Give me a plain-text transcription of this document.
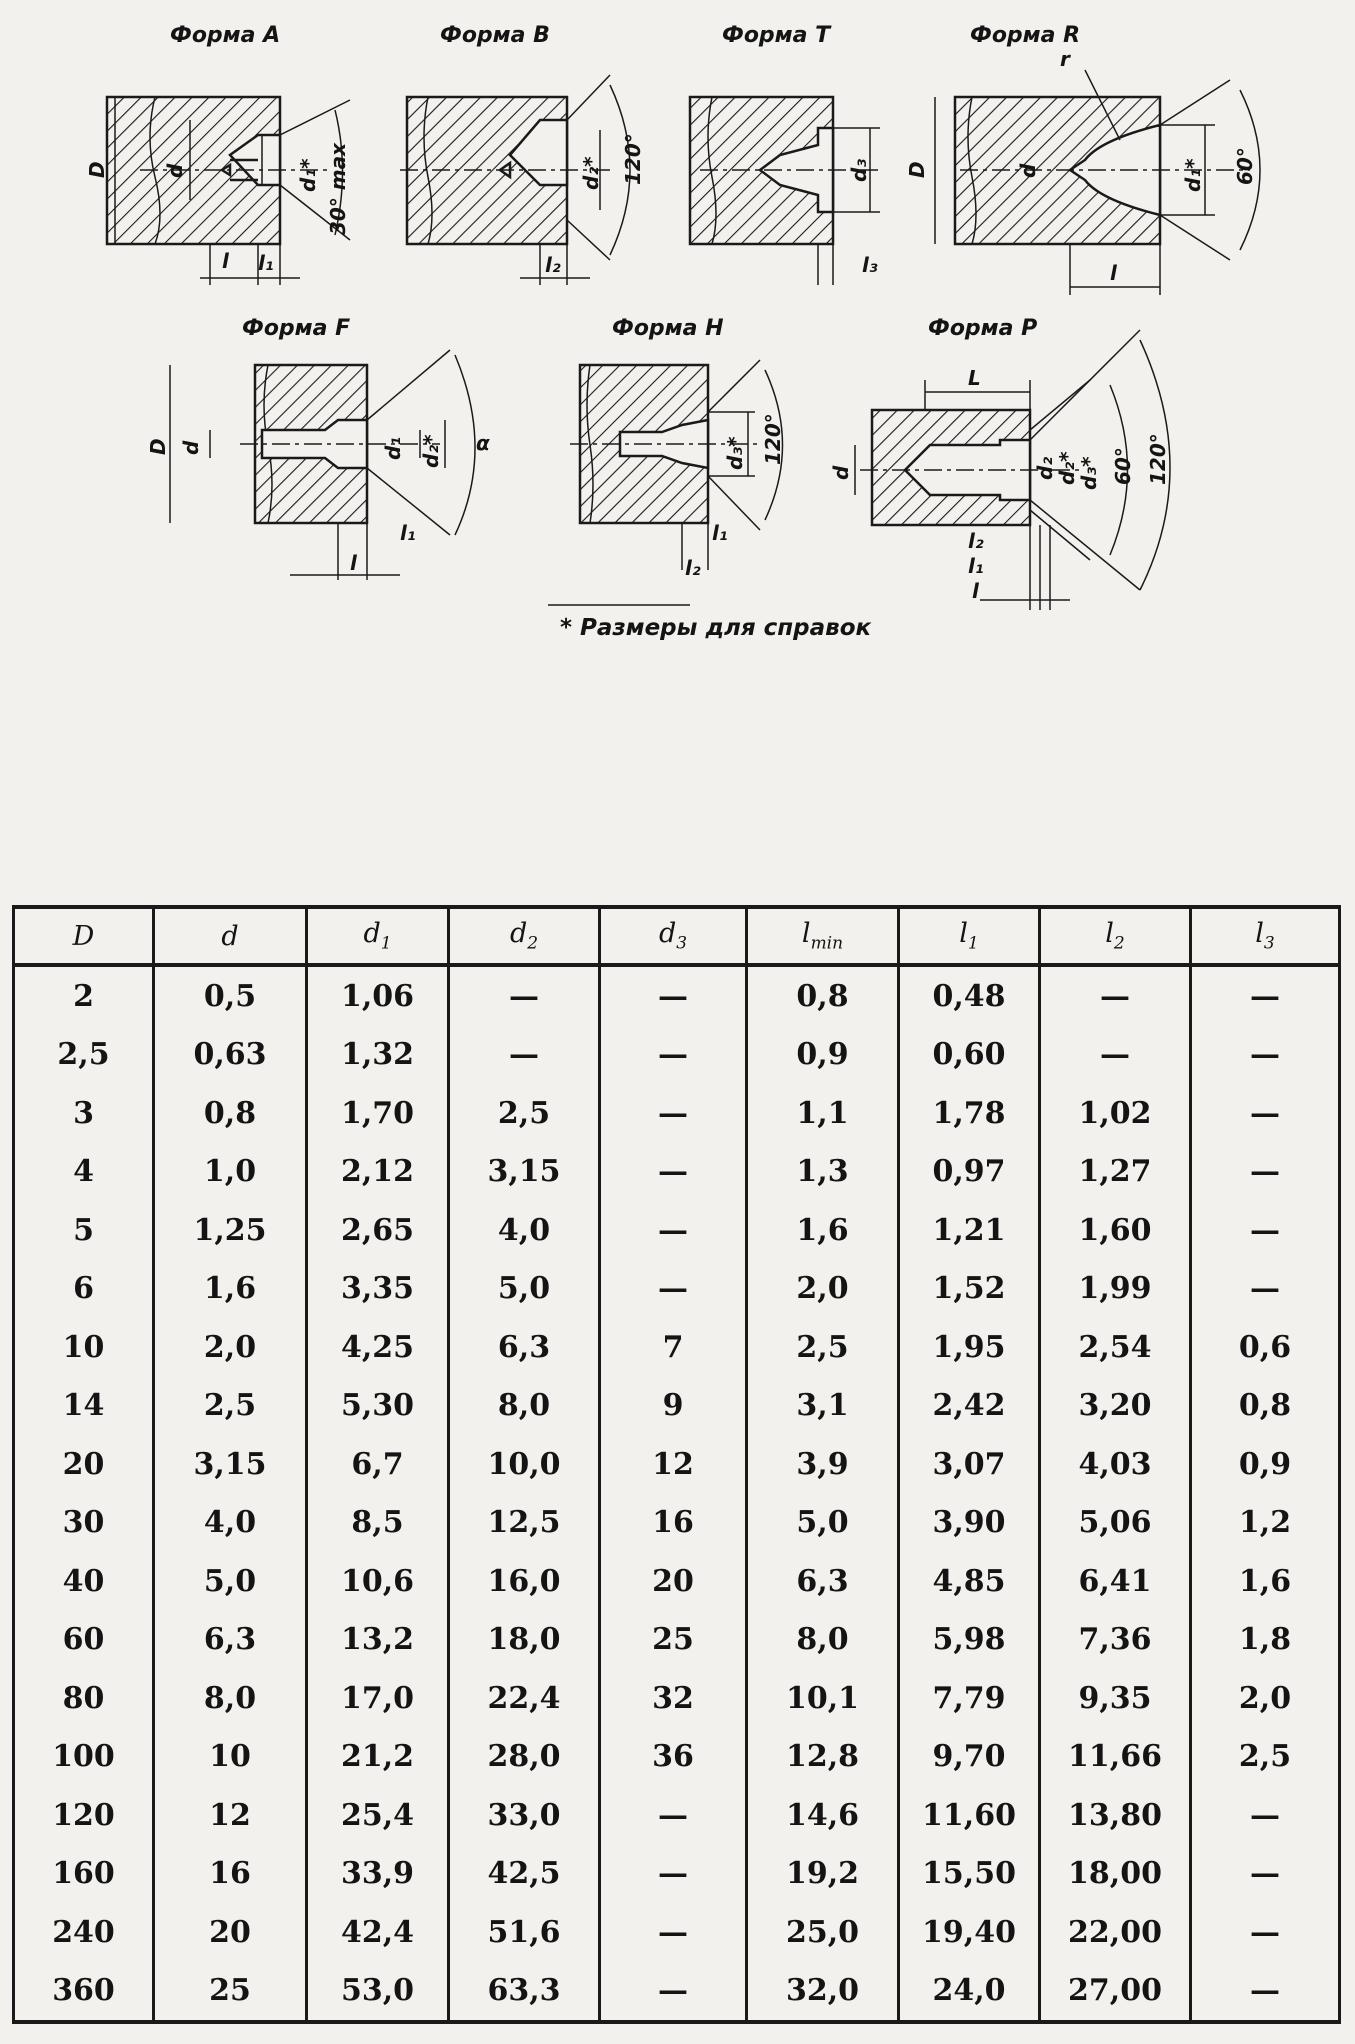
Форма А	Форма В	Форма Т	Форма R
Форма F	Форма Н	Форма Р
D	d	d₁* 30° max
l l₁
d₂* 120°
l₂
d₃
l₃
D	d	d₁* 60°
r
l
D d	d₁ d₂* α
l₁
l
d₃* 120°
l₁
l₂
L
d	d₂
d₂*
d₃* 60° 120°
l₂
l₁
l
* Размеры для справок
D	d	$d_1$	$d_2$	$d_3$	$l_{min}$	$l_1$	$l_2$	$l_3$
2	0,5	1,06	—	—	0,8	0,48	—	—
2,5	0,63	1,32	—	—	0,9	0,60	—	—
3	0,8	1,70	2,5	—	1,1	1,78	1,02	—
4	1,0	2,12	3,15	—	1,3	0,97	1,27	—
5	1,25	2,65	4,0	—	1,6	1,21	1,60	—
6	1,6	3,35	5,0	—	2,0	1,52	1,99	—
10	2,0	4,25	6,3	7	2,5	1,95	2,54	0,6
14	2,5	5,30	8,0	9	3,1	2,42	3,20	0,8
20	3,15	6,7	10,0	12	3,9	3,07	4,03	0,9
30	4,0	8,5	12,5	16	5,0	3,90	5,06	1,2
40	5,0	10,6	16,0	20	6,3	4,85	6,41	1,6
60	6,3	13,2	18,0	25	8,0	5,98	7,36	1,8
80	8,0	17,0	22,4	32	10,1	7,79	9,35	2,0
100	10	21,2	28,0	36	12,8	9,70	11,66	2,5
120	12	25,4	33,0	—	14,6	11,60	13,80	—
160	16	33,9	42,5	—	19,2	15,50	18,00	—
240	20	42,4	51,6	—	25,0	19,40	22,00	—
360	25	53,0	63,3	—	32,0	24,0	27,00	—
